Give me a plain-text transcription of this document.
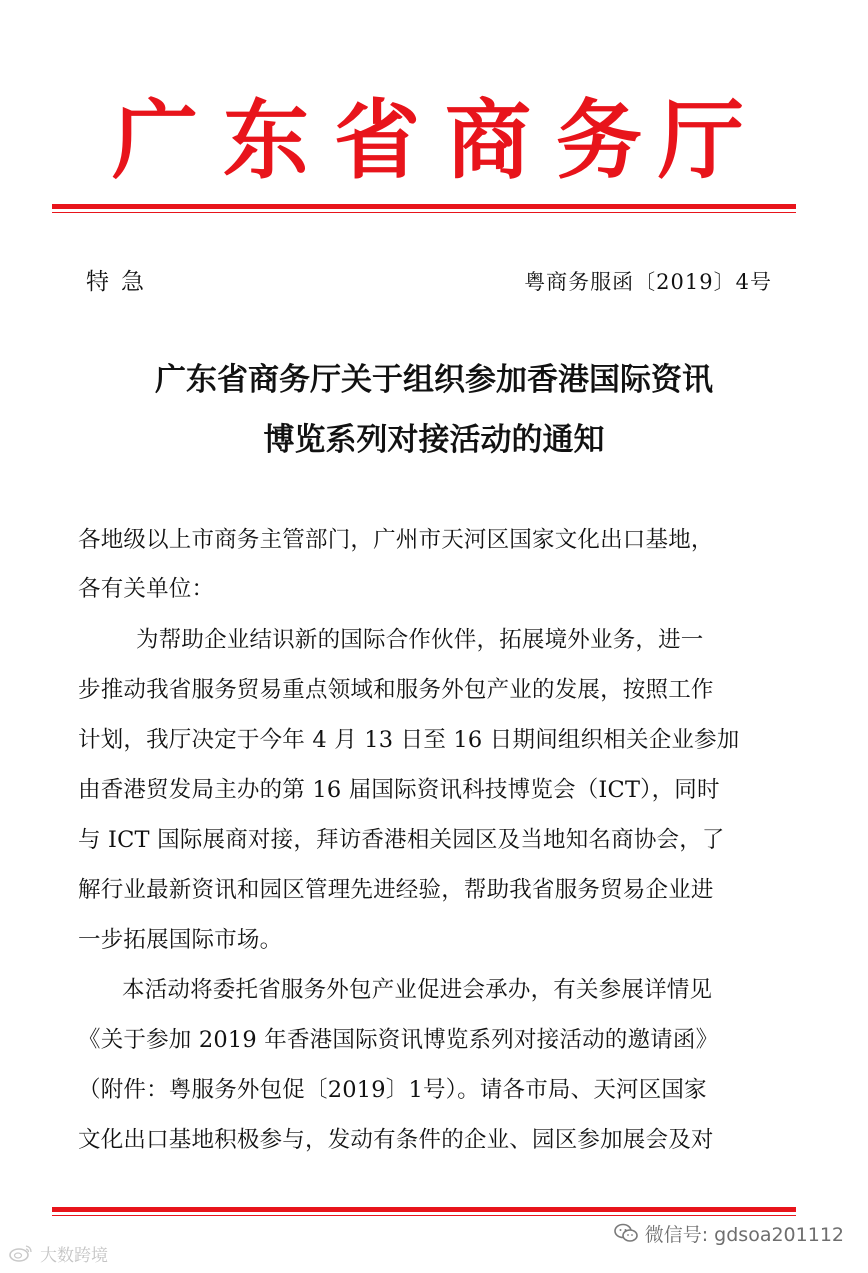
广 东 省 商 务 厅
特急	粤商务服函〔2019〕4号
广东省商务厅关于组织参加香港国际资讯
博览系列对接活动的通知
各地级以上市商务主管部门，广州市天河区国家文化出口基地，
各有关单位：
为帮助企业结识新的国际合作伙伴，拓展境外业务，进一
步推动我省服务贸易重点领域和服务外包产业的发展，按照工作
计划，我厅决定于今年 4 月 13 日至 16 日期间组织相关企业参加
由香港贸发局主办的第 16 届国际资讯科技博览会（ICT），同时
与 ICT 国际展商对接，拜访香港相关园区及当地知名商协会，了
解行业最新资讯和园区管理先进经验，帮助我省服务贸易企业进
一步拓展国际市场。
本活动将委托省服务外包产业促进会承办，有关参展详情见
《关于参加 2019 年香港国际资讯博览系列对接活动的邀请函》
（附件：粤服务外包促〔2019〕1号）。请各市局、天河区国家
文化出口基地积极参与，发动有条件的企业、园区参加展会及对
微信号: gdsoa201112
大数跨境
